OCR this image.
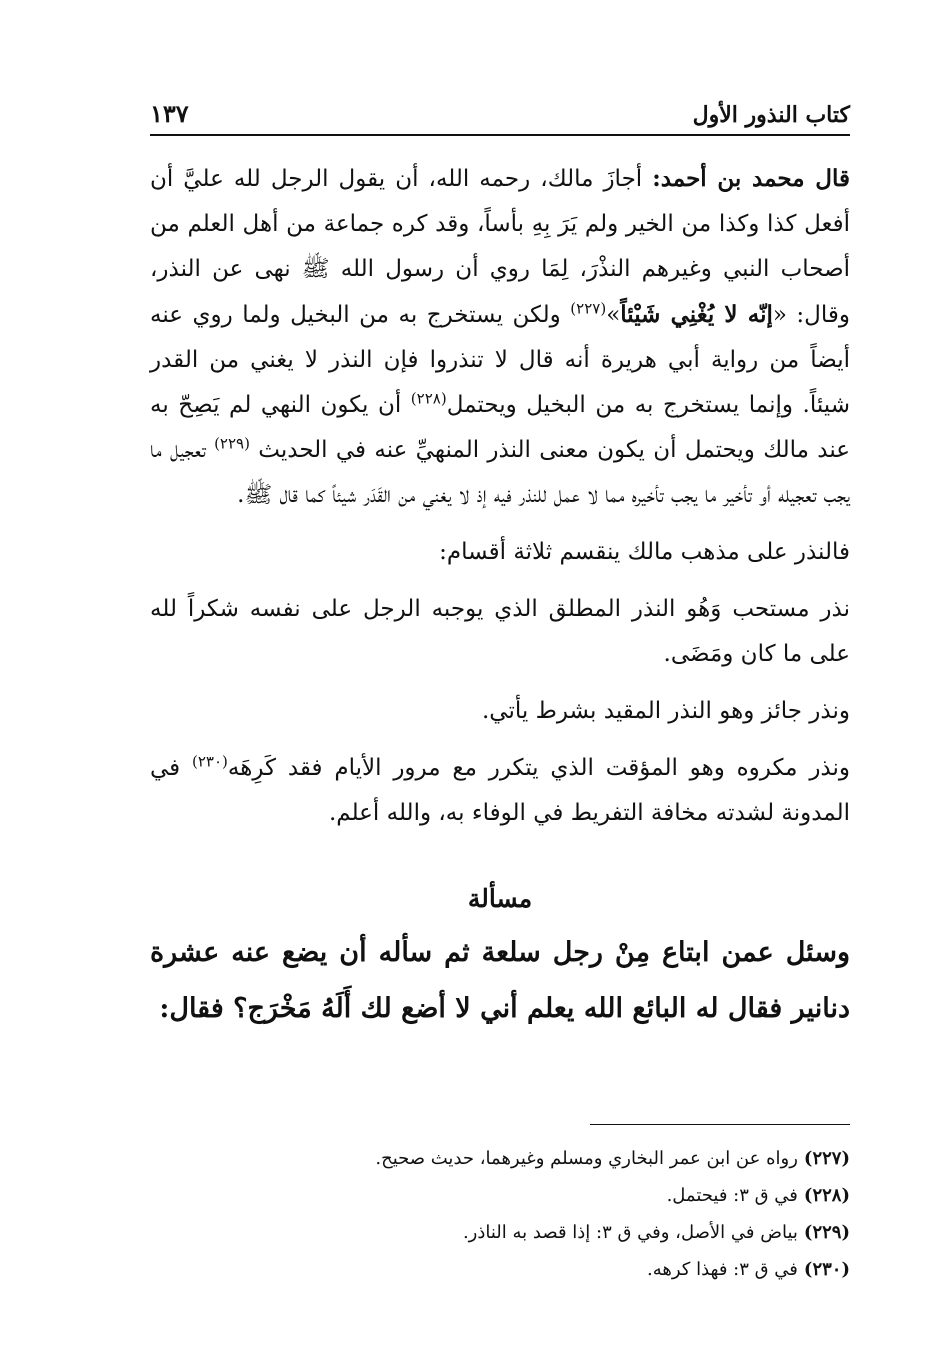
كتاب النذور الأول
١٣٧

قال محمد بن أحمد: أجازَ مالك، رحمه الله، أن يقول الرجل لله عليَّ أن أفعل كذا وكذا من الخير ولم يَرَ بِهِ بأساً، وقد كره جماعة من أهل العلم من أصحاب النبي وغيرهم النذْرَ، لِمَا روي أن رسول الله ﷺ نهى عن النذر، وقال: «إنّه لا يُغْنِي شَيْئاً»$^{(٢٢٧)}$ ولكن يستخرج به من البخيل ولما روي عنه أيضاً من رواية أبي هريرة أنه قال لا تنذروا فإن النذر لا يغني من القدر شيئاً. وإنما يستخرج به من البخيل ويحتمل$^{(٢٢٨)}$ أن يكون النهي لم يَصِحّ به عند مالك ويحتمل أن يكون معنى النذر المنهيِّ عنه في الحديث $^{(٢٢٩)}$ تعجيل ما يجب تعجيله أو تأخير ما يجب تأخيره مما لا عمل للنذر فيه إذ لا يغني من القَدَر شيئاً كما قال ﷺ.

فالنذر على مذهب مالك ينقسم ثلاثة أقسام:

نذر مستحب وَهُو النذر المطلق الذي يوجبه الرجل على نفسه شكراً لله على ما كان ومَضَى.

ونذر جائز وهو النذر المقيد بشرط يأتي.

ونذر مكروه وهو المؤقت الذي يتكرر مع مرور الأيام فقد كَرِهَه$^{(٢٣٠)}$ في المدونة لشدته مخافة التفريط في الوفاء به، والله أعلم.

مسألة

وسئل عمن ابتاع مِنْ رجل سلعة ثم سأله أن يضع عنه عشرة دنانير فقال له البائع الله يعلم أني لا أضع لك أَلَهُ مَخْرَج؟ فقال:

(٢٢٧)رواه عن ابن عمر البخاري ومسلم وغيرهما، حديث صحيح.

(٢٢٨)في ق ٣: فيحتمل.

(٢٢٩)بياض في الأصل، وفي ق ٣: إذا قصد به الناذر.

(٢٣٠)في ق ٣: فهذا كرهه.
